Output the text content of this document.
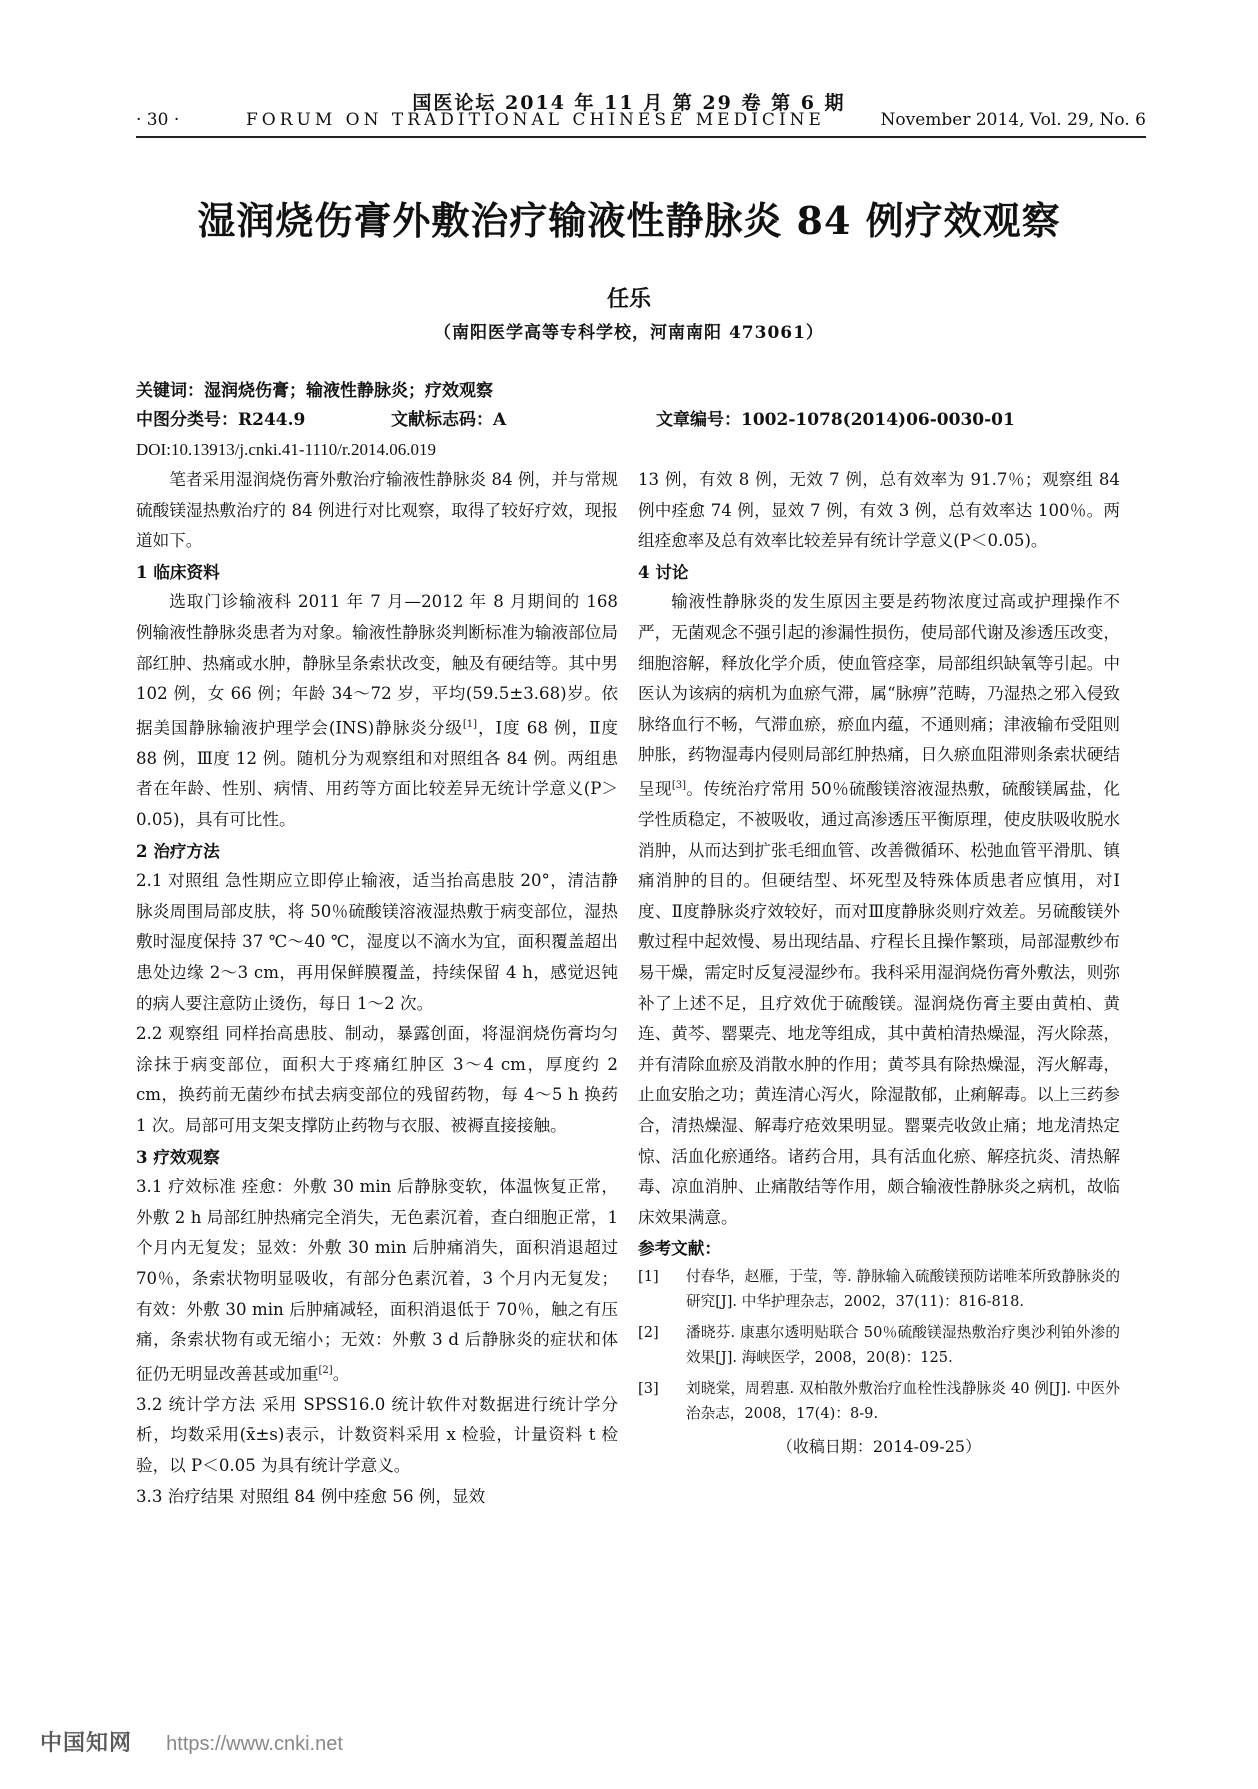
国医论坛 2014 年 11 月 第 29 卷 第 6 期
· 30 ·	FORUM ON TRADITIONAL CHINESE MEDICINE	November 2014, Vol. 29, No. 6
湿润烧伤膏外敷治疗输液性静脉炎 84 例疗效观察
任乐
（南阳医学高等专科学校，河南南阳 473061）
关键词：湿润烧伤膏；输液性静脉炎；疗效观察
中图分类号：R244.9	文献标志码：A	文章编号：1002-1078(2014)06-0030-01
DOI:10.13913/j.cnki.41-1110/r.2014.06.019

笔者采用湿润烧伤膏外敷治疗输液性静脉炎 84 例，并与常规硫酸镁湿热敷治疗的 84 例进行对比观察，取得了较好疗效，现报道如下。

1 临床资料

选取门诊输液科 2011 年 7 月—2012 年 8 月期间的 168 例输液性静脉炎患者为对象。输液性静脉炎判断标准为输液部位局部红肿、热痛或水肿，静脉呈条索状改变，触及有硬结等。其中男 102 例，女 66 例；年龄 34～72 岁，平均(59.5±3.68)岁。依据美国静脉输液护理学会(INS)静脉炎分级[1]，Ⅰ度 68 例，Ⅱ度 88 例，Ⅲ度 12 例。随机分为观察组和对照组各 84 例。两组患者在年龄、性别、病情、用药等方面比较差异无统计学意义(P＞0.05)，具有可比性。

2 治疗方法

2.1 对照组 急性期应立即停止输液，适当抬高患肢 20°，清洁静脉炎周围局部皮肤，将 50％硫酸镁溶液湿热敷于病变部位，湿热敷时湿度保持 37 ℃～40 ℃，湿度以不滴水为宜，面积覆盖超出患处边缘 2～3 cm，再用保鲜膜覆盖，持续保留 4 h，感觉迟钝的病人要注意防止烫伤，每日 1～2 次。

2.2 观察组 同样抬高患肢、制动，暴露创面，将湿润烧伤膏均匀涂抹于病变部位，面积大于疼痛红肿区 3～4 cm，厚度约 2 cm，换药前无菌纱布拭去病变部位的残留药物，每 4～5 h 换药 1 次。局部可用支架支撑防止药物与衣服、被褥直接接触。

3 疗效观察

3.1 疗效标准 痊愈：外敷 30 min 后静脉变软，体温恢复正常，外敷 2 h 局部红肿热痛完全消失，无色素沉着，查白细胞正常，1 个月内无复发；显效：外敷 30 min 后肿痛消失，面积消退超过 70％，条索状物明显吸收，有部分色素沉着，3 个月内无复发；有效：外敷 30 min 后肿痛减轻，面积消退低于 70％，触之有压痛，条索状物有或无缩小；无效：外敷 3 d 后静脉炎的症状和体征仍无明显改善甚或加重[2]。

3.2 统计学方法 采用 SPSS16.0 统计软件对数据进行统计学分析，均数采用(x̄±s)表示，计数资料采用 x 检验，计量资料 t 检验，以 P＜0.05 为具有统计学意义。

3.3 治疗结果 对照组 84 例中痊愈 56 例，显效

13 例，有效 8 例，无效 7 例，总有效率为 91.7％；观察组 84 例中痊愈 74 例，显效 7 例，有效 3 例，总有效率达 100％。两组痊愈率及总有效率比较差异有统计学意义(P＜0.05)。

4 讨论

输液性静脉炎的发生原因主要是药物浓度过高或护理操作不严，无菌观念不强引起的渗漏性损伤，使局部代谢及渗透压改变，细胞溶解，释放化学介质，使血管痉挛，局部组织缺氧等引起。中医认为该病的病机为血瘀气滞，属“脉痹”范畴，乃湿热之邪入侵致脉络血行不畅，气滞血瘀，瘀血内蕴，不通则痛；津液输布受阻则肿胀，药物湿毒内侵则局部红肿热痛，日久瘀血阻滞则条索状硬结呈现[3]。传统治疗常用 50％硫酸镁溶液湿热敷，硫酸镁属盐，化学性质稳定，不被吸收，通过高渗透压平衡原理，使皮肤吸收脱水消肿，从而达到扩张毛细血管、改善微循环、松弛血管平滑肌、镇痛消肿的目的。但硬结型、坏死型及特殊体质患者应慎用，对Ⅰ度、Ⅱ度静脉炎疗效较好，而对Ⅲ度静脉炎则疗效差。另硫酸镁外敷过程中起效慢、易出现结晶、疗程长且操作繁琐，局部湿敷纱布易干燥，需定时反复浸湿纱布。我科采用湿润烧伤膏外敷法，则弥补了上述不足，且疗效优于硫酸镁。湿润烧伤膏主要由黄柏、黄连、黄芩、罂粟壳、地龙等组成，其中黄柏清热燥湿，泻火除蒸，并有清除血瘀及消散水肿的作用；黄芩具有除热燥湿，泻火解毒，止血安胎之功；黄连清心泻火，除湿散郁，止痢解毒。以上三药参合，清热燥湿、解毒疗疮效果明显。罂粟壳收敛止痛；地龙清热定惊、活血化瘀通络。诸药合用，具有活血化瘀、解痉抗炎、清热解毒、凉血消肿、止痛散结等作用，颇合输液性静脉炎之病机，故临床效果满意。

参考文献：

[1] 付春华，赵雁，于莹，等. 静脉输入硫酸镁预防诺唯苯所致静脉炎的研究[J]. 中华护理杂志，2002，37(11)：816-818.
[2] 潘晓芬. 康惠尔透明贴联合 50％硫酸镁湿热敷治疗奥沙利铂外渗的效果[J]. 海峡医学，2008，20(8)：125.
[3] 刘晓棠，周碧惠. 双柏散外敷治疗血栓性浅静脉炎 40 例[J]. 中医外治杂志，2008，17(4)：8-9.
（收稿日期：2014-09-25）
中国知网 https://www.cnki.net
